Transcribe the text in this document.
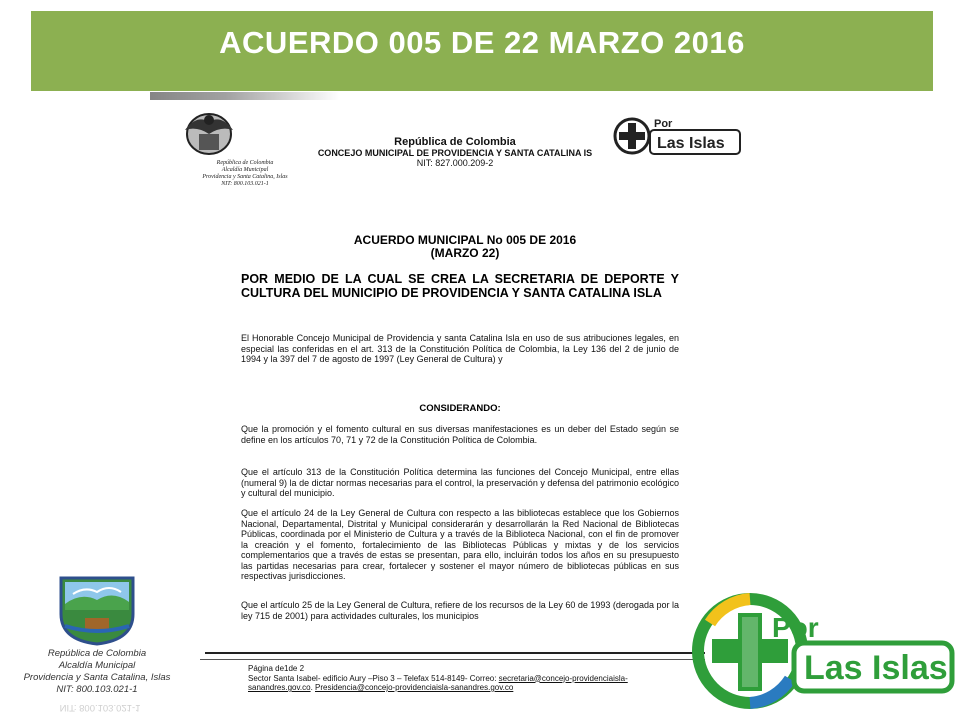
ACUERDO 005 DE 22 MARZO 2016
República de Colombia
Alcaldía Municipal
Providencia y Santa Catalina, Islas
NIT: 800.103.021-1
República de Colombia
CONCEJO MUNICIPAL DE PROVIDENCIA Y SANTA CATALINA IS
NIT: 827.000.209-2
Por
Las Islas
ACUERDO MUNICIPAL No 005 DE 2016
(MARZO 22)
POR MEDIO DE LA CUAL SE CREA LA SECRETARIA DE DEPORTE Y CULTURA DEL MUNICIPIO DE PROVIDENCIA Y SANTA CATALINA ISLA
El Honorable Concejo Municipal de Providencia y santa Catalina Isla en uso de sus atribuciones legales, en especial las conferidas en el art. 313 de la Constitución Política de Colombia, la Ley 136 del 2 de junio de 1994 y la 397 del 7 de agosto de 1997 (Ley General de Cultura) y
CONSIDERANDO:
Que la promoción y el fomento cultural en sus diversas manifestaciones es un deber del Estado según se define en los artículos 70, 71 y 72 de la Constitución Política de Colombia.
Que el artículo 313 de la Constitución Política determina las funciones del Concejo Municipal, entre ellas (numeral 9) la de dictar normas necesarias para el control, la preservación y defensa del patrimonio ecológico y cultural del municipio.
Que el artículo 24 de la Ley General de Cultura con respecto a las bibliotecas establece que los Gobiernos Nacional, Departamental, Distrital y Municipal considerarán y desarrollarán la Red Nacional de Bibliotecas Públicas, coordinada por el Ministerio de Cultura y a través de la Biblioteca Nacional, con el fin de promover la creación y el fomento, fortalecimiento de las Bibliotecas Públicas y mixtas y de los servicios complementarios que a través de estas se presentan, para ello, incluirán todos los años en su presupuesto las partidas necesarias para crear, fortalecer y sostener el mayor número de bibliotecas públicas en sus respectivas jurisdicciones.
Que el artículo 25 de la Ley General de Cultura, refiere de los recursos de la Ley 60 de 1993 (derogada por la ley 715 de 2001) para actividades culturales, los municipios
Página de1de 2
Sector Santa Isabel- edificio Aury –Piso 3 – Telefax 514-8149- Correo: secretaria@concejo-providenciaisla-sanandres.gov.co. Presidencia@concejo-providenciaisla-sanandres.gov.co
República de Colombia
Alcaldía Municipal
Providencia y Santa Catalina, Islas
NIT: 800.103.021-1
NIT: 800.103.021-1
Por
Las Islas
